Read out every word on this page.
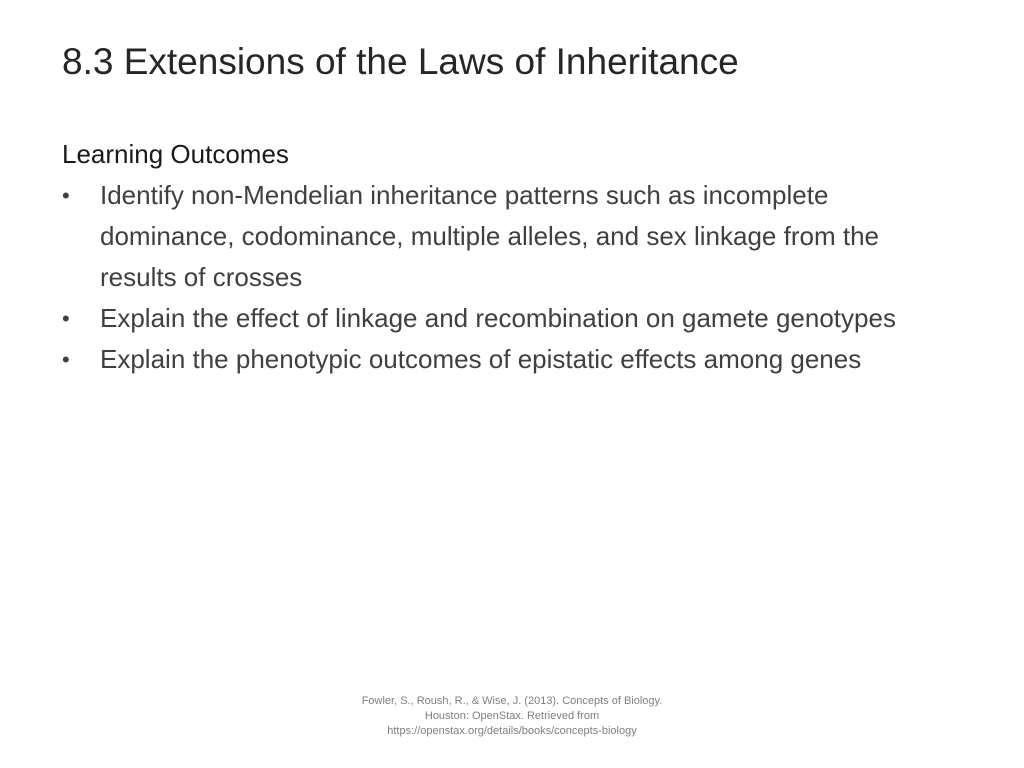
8.3 Extensions of the Laws of Inheritance

Learning Outcomes

•	Identify non-Mendelian inheritance patterns such as incomplete dominance, codominance, multiple alleles, and sex linkage from the results of crosses
•	Explain the effect of linkage and recombination on gamete genotypes
•	Explain the phenotypic outcomes of epistatic effects among genes
Fowler, S., Roush, R., & Wise, J. (2013). Concepts of Biology.
Houston: OpenStax. Retrieved from
https://openstax.org/details/books/concepts-biology
